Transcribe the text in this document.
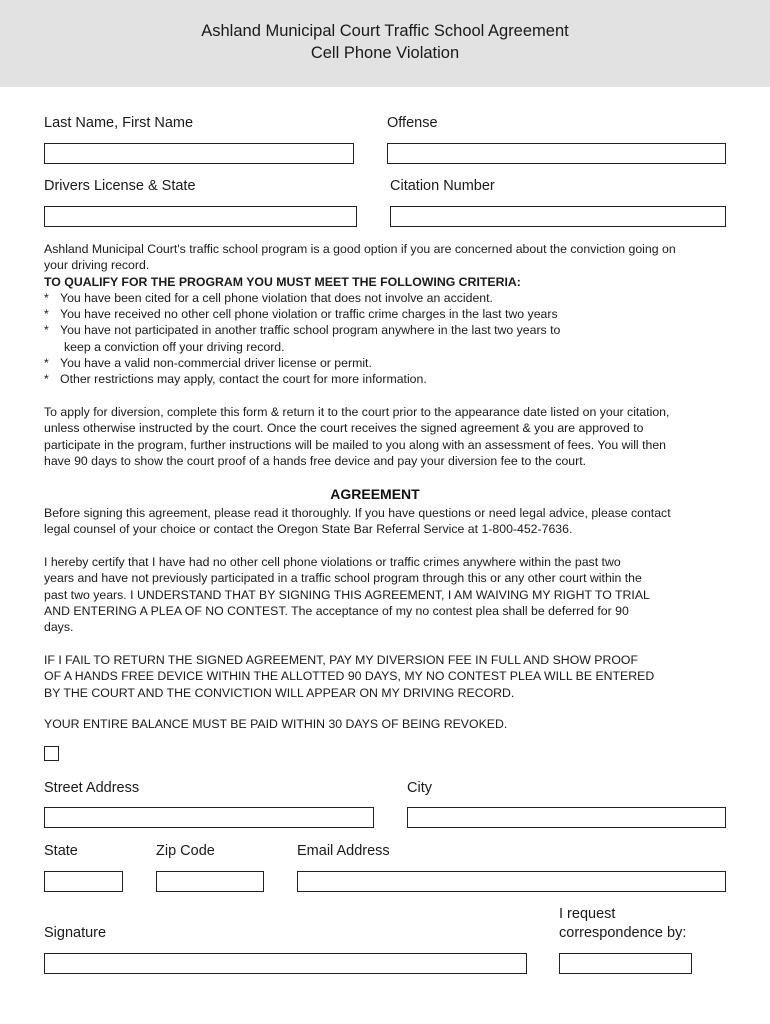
Ashland Municipal Court Traffic School Agreement
Cell Phone Violation
Last Name, First Name	Offense
Drivers License & State	Citation Number
Ashland Municipal Court's traffic school program is a good option if you are concerned about the conviction going on
your driving record.
TO QUALIFY FOR THE PROGRAM YOU MUST MEET THE FOLLOWING CRITERIA:
* You have been cited for a cell phone violation that does not involve an accident.
* You have received no other cell phone violation or traffic crime charges in the last two years
* You have not participated in another traffic school program anywhere in the last two years to
keep a conviction off your driving record.
* You have a valid non-commercial driver license or permit.
* Other restrictions may apply, contact the court for more information.
To apply for diversion, complete this form & return it to the court prior to the appearance date listed on your citation,
unless otherwise instructed by the court. Once the court receives the signed agreement & you are approved to
participate in the program, further instructions will be mailed to you along with an assessment of fees. You will then
have 90 days to show the court proof of a hands free device and pay your diversion fee to the court.
AGREEMENT
Before signing this agreement, please read it thoroughly. If you have questions or need legal advice, please contact
legal counsel of your choice or contact the Oregon State Bar Referral Service at 1-800-452-7636.
I hereby certify that I have had no other cell phone violations or traffic crimes anywhere within the past two
years and have not previously participated in a traffic school program through this or any other court within the
past two years. I UNDERSTAND THAT BY SIGNING THIS AGREEMENT, I AM WAIVING MY RIGHT TO TRIAL
AND ENTERING A PLEA OF NO CONTEST. The acceptance of my no contest plea shall be deferred for 90
days.
IF I FAIL TO RETURN THE SIGNED AGREEMENT, PAY MY DIVERSION FEE IN FULL AND SHOW PROOF
OF A HANDS FREE DEVICE WITHIN THE ALLOTTED 90 DAYS, MY NO CONTEST PLEA WILL BE ENTERED
BY THE COURT AND THE CONVICTION WILL APPEAR ON MY DRIVING RECORD.
YOUR ENTIRE BALANCE MUST BE PAID WITHIN 30 DAYS OF BEING REVOKED.
Street Address	City
State	Zip Code	Email Address
Signature
I request
correspondence by:
